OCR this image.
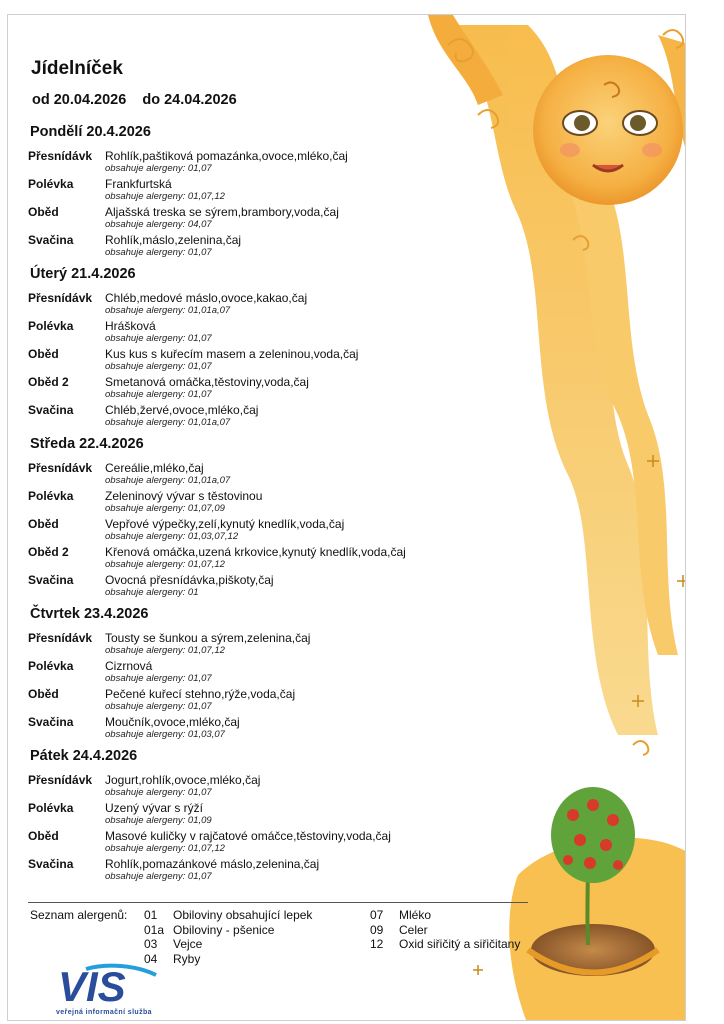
Jídelníček
od 20.04.2026 do 24.04.2026
Pondělí 20.4.2026
Přesnídávk	Rohlík,paštiková pomazánka,ovoce,mléko,čaj
obsahuje alergeny: 01,07
Polévka	Frankfurtská
obsahuje alergeny: 01,07,12
Oběd	Aljašská treska se sýrem,brambory,voda,čaj
obsahuje alergeny: 04,07
Svačina	Rohlík,máslo,zelenina,čaj
obsahuje alergeny: 01,07
Úterý 21.4.2026
Přesnídávk	Chléb,medové máslo,ovoce,kakao,čaj
obsahuje alergeny: 01,01a,07
Polévka	Hrášková
obsahuje alergeny: 01,07
Oběd	Kus kus s kuřecím masem a zeleninou,voda,čaj
obsahuje alergeny: 01,07
Oběd 2	Smetanová omáčka,těstoviny,voda,čaj
obsahuje alergeny: 01,07
Svačina	Chléb,žervé,ovoce,mléko,čaj
obsahuje alergeny: 01,01a,07
Středa 22.4.2026
Přesnídávk	Cereálie,mléko,čaj
obsahuje alergeny: 01,01a,07
Polévka	Zeleninový vývar s těstovinou
obsahuje alergeny: 01,07,09
Oběd	Vepřové výpečky,zelí,kynutý knedlík,voda,čaj
obsahuje alergeny: 01,03,07,12
Oběd 2	Křenová omáčka,uzená krkovice,kynutý knedlík,voda,čaj
obsahuje alergeny: 01,07,12
Svačina	Ovocná přesnídávka,piškoty,čaj
obsahuje alergeny: 01
Čtvrtek 23.4.2026
Přesnídávk	Tousty se šunkou a sýrem,zelenina,čaj
obsahuje alergeny: 01,07,12
Polévka	Cizrnová
obsahuje alergeny: 01,07
Oběd	Pečené kuřecí stehno,rýže,voda,čaj
obsahuje alergeny: 01,07
Svačina	Moučník,ovoce,mléko,čaj
obsahuje alergeny: 01,03,07
Pátek 24.4.2026
Přesnídávk	Jogurt,rohlík,ovoce,mléko,čaj
obsahuje alergeny: 01,07
Polévka	Uzený vývar s rýží
obsahuje alergeny: 01,09
Oběd	Masové kuličky v rajčatové omáčce,těstoviny,voda,čaj
obsahuje alergeny: 01,07,12
Svačina	Rohlík,pomazánkové máslo,zelenina,čaj
obsahuje alergeny: 01,07
Seznam alergenů: 01	Obiloviny obsahující lepek
01a Obiloviny - pšenice
03	Vejce
04	Ryby
07	Mléko
09	Celer
12	Oxid siřičitý a siřičitany
VIS
veřejná informační služba
